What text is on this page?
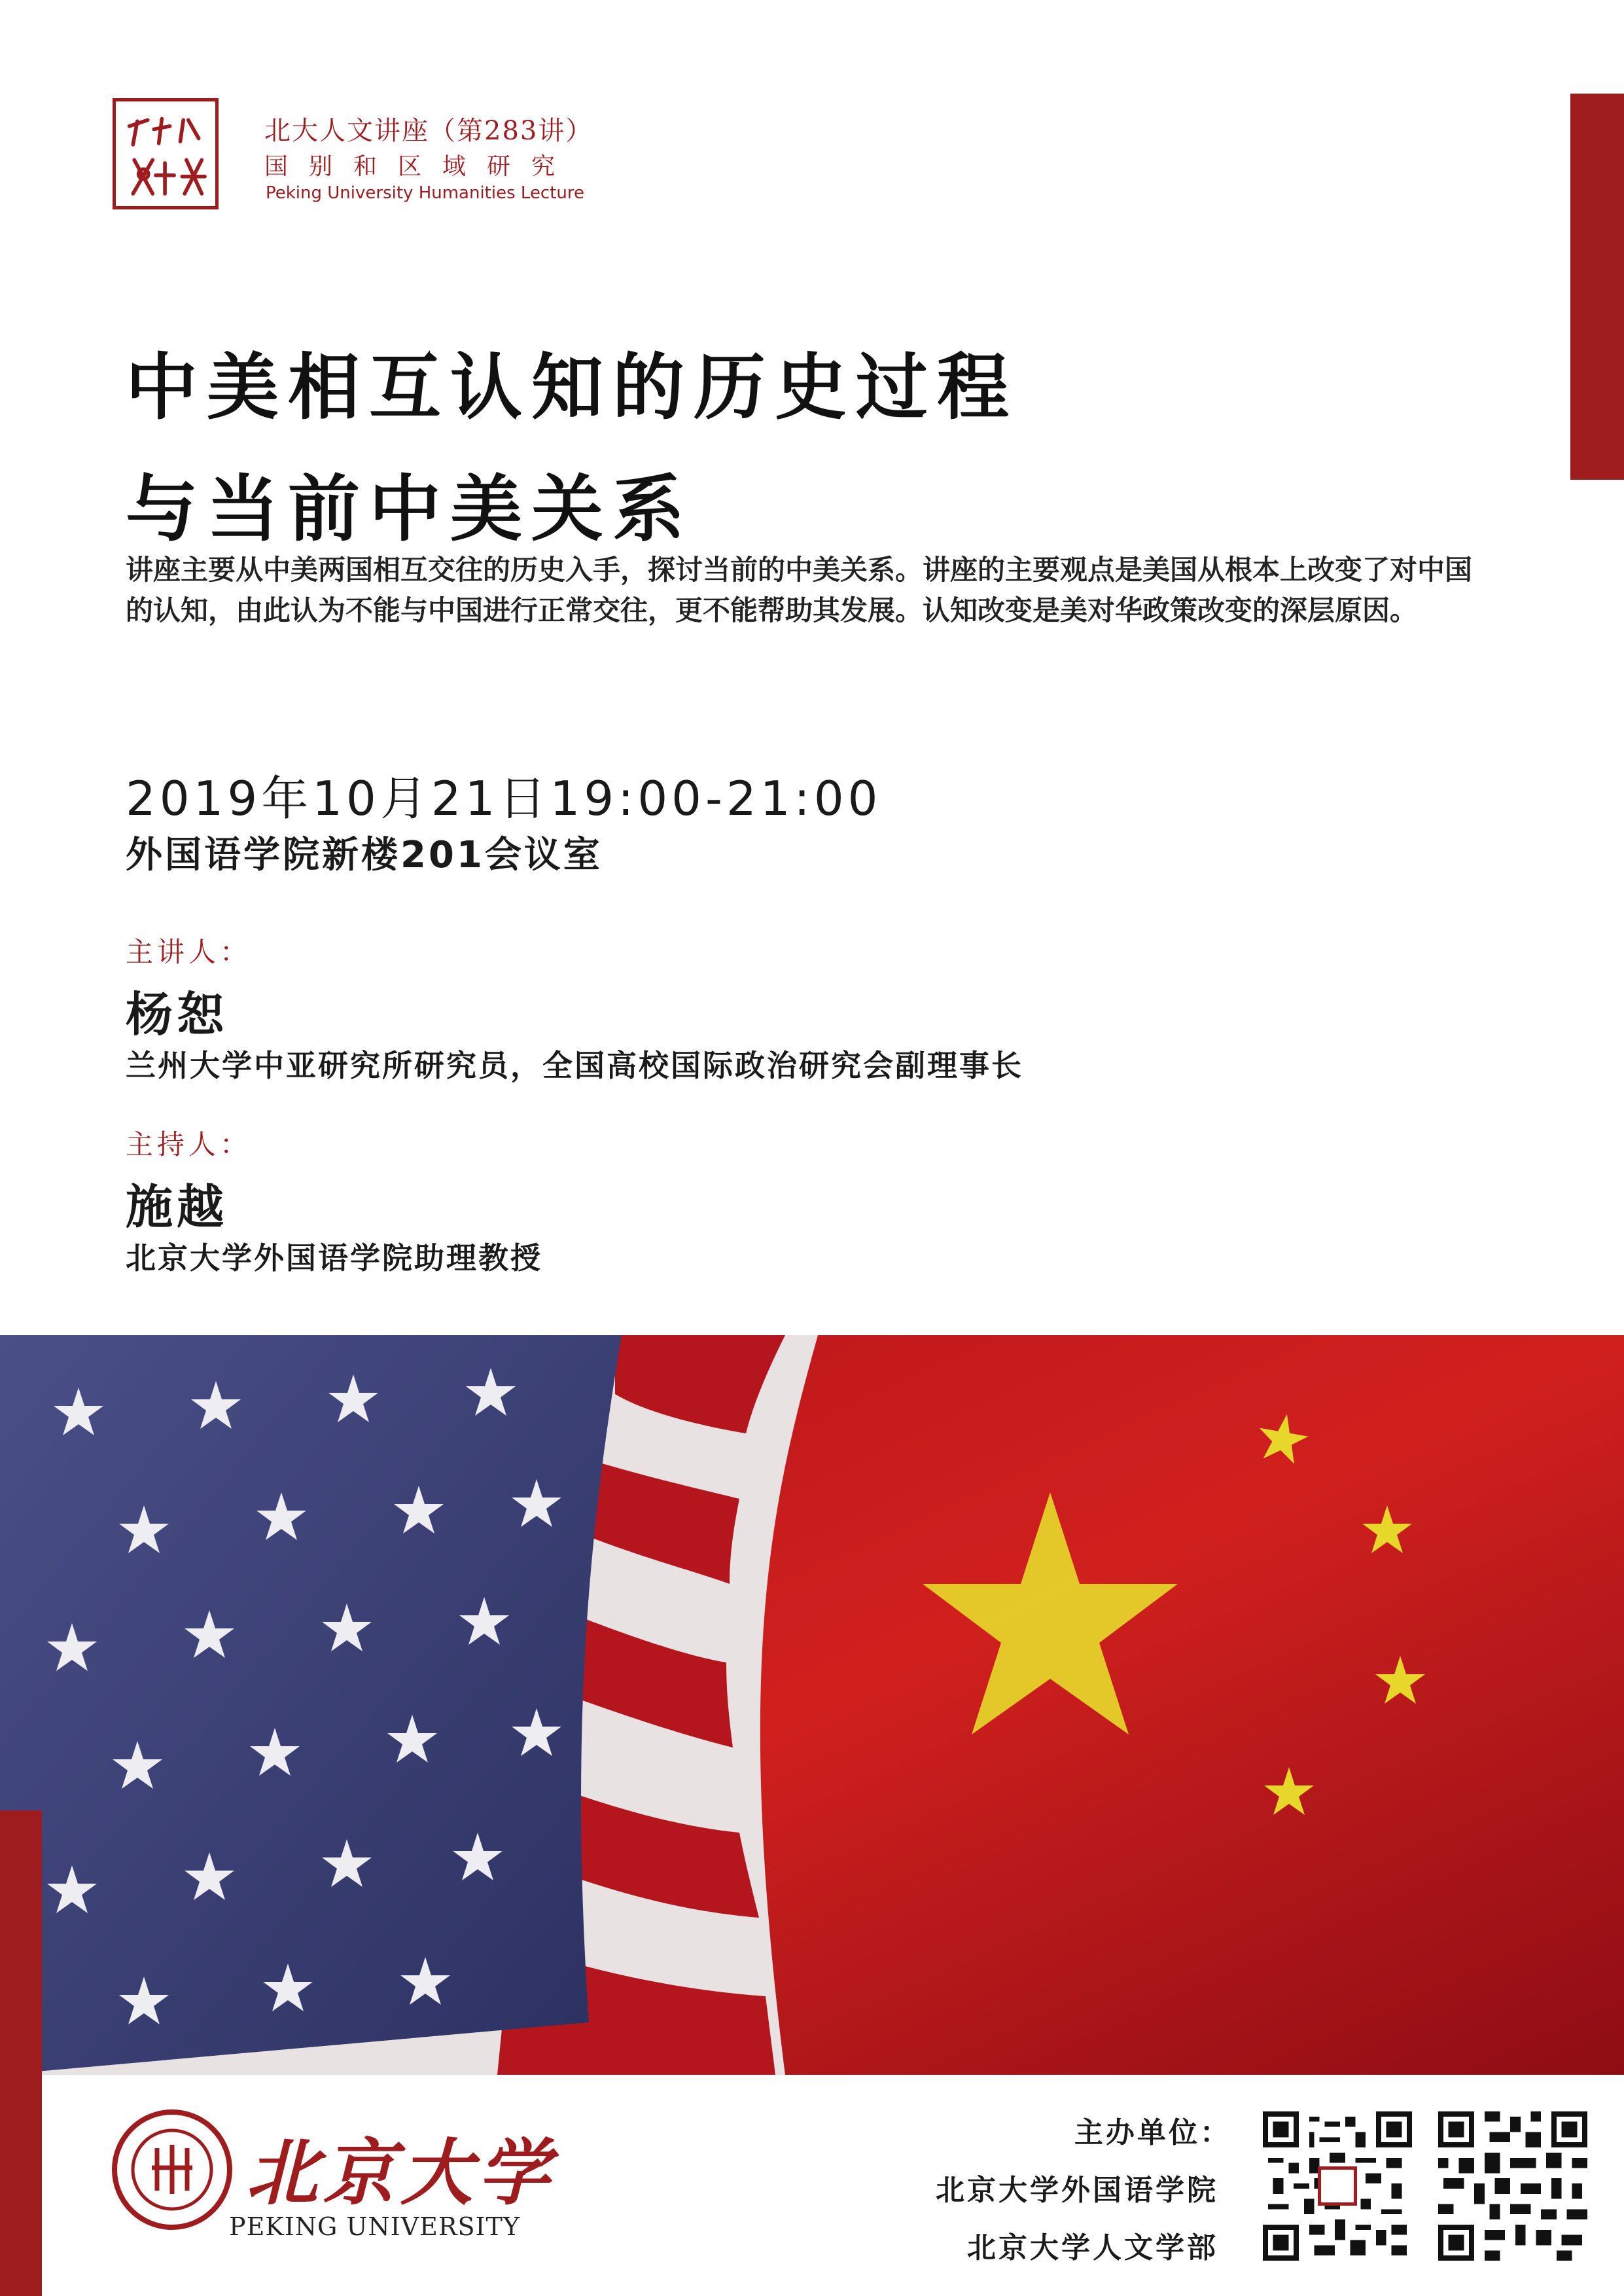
北大人文讲座（第283讲）
国别和区域研究
Peking University Humanities Lecture
中美相互认知的历史过程
与当前中美关系
讲座主要从中美两国相互交往的历史入手，探讨当前的中美关系。讲座的主要观点是美国从根本上改变了对中国的认知，由此认为不能与中国进行正常交往，更不能帮助其发展。认知改变是美对华政策改变的深层原因。
2019年10月21日19:00-21:00
外国语学院新楼201会议室
主讲人：
杨恕
兰州大学中亚研究所研究员，全国高校国际政治研究会副理事长
主持人：
施越
北京大学外国语学院助理教授
北京大学
PEKING UNIVERSITY
主办单位：
北京大学外国语学院
北京大学人文学部
